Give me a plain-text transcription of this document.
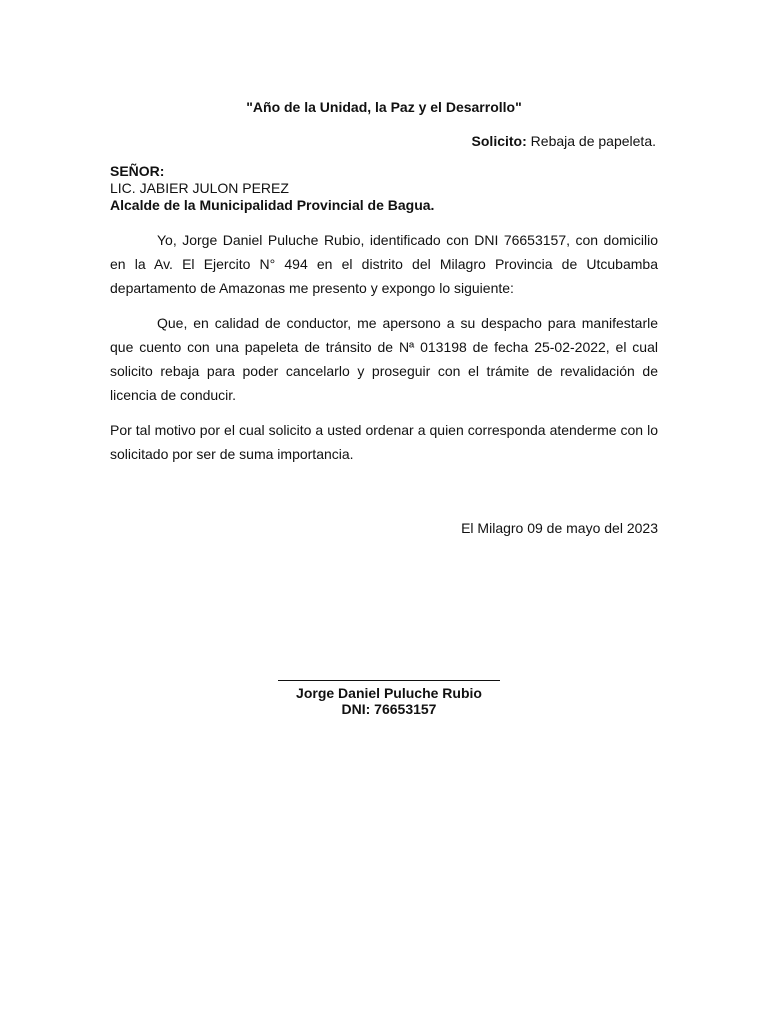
"Año de la Unidad, la Paz y el Desarrollo"
Solicito: Rebaja de papeleta.
SEÑOR:
LIC. JABIER JULON PEREZ
Alcalde de la Municipalidad Provincial de Bagua.

Yo, Jorge Daniel Puluche Rubio, identificado con DNI 76653157, con domicilio en la Av. El Ejercito N° 494 en el distrito del Milagro Provincia de Utcubamba departamento de Amazonas me presento y expongo lo siguiente:

Que, en calidad de conductor, me apersono a su despacho para manifestarle que cuento con una papeleta de tránsito de Nª 013198 de fecha 25-02-2022, el cual solicito rebaja para poder cancelarlo y proseguir con el trámite de revalidación de licencia de conducir.

Por tal motivo por el cual solicito a usted ordenar a quien corresponda atenderme con lo solicitado por ser de suma importancia.

El Milagro 09 de mayo del 2023
Jorge Daniel Puluche Rubio
DNI: 76653157
